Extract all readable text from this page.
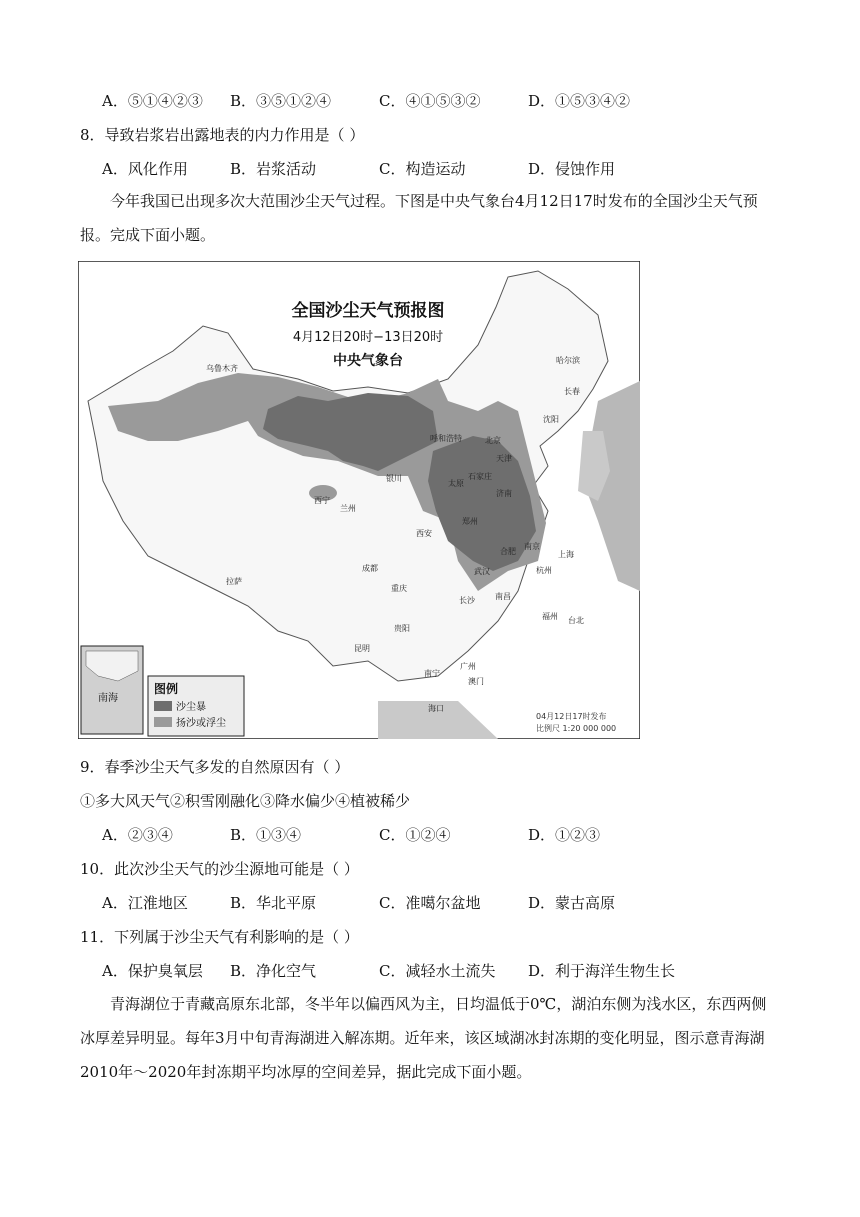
A．⑤①④②③ B．③⑤①②④	C．④①⑤③②	D．①⑤③④②
8．导致岩浆岩出露地表的内力作用是（ ）
A．风化作用	B．岩浆活动	C．构造运动	D．侵蚀作用
今年我国已出现多次大范围沙尘天气过程。下图是中央气象台4月12日17时发布的全国沙尘天气预报。完成下面小题。
全国沙尘天气预报图
4月12日20时−13日20时
中央气象台
乌鲁木齐
哈尔滨
长春
沈阳
呼和浩特	北京
天津
石家庄
太原
银川
济南
西宁
兰州
郑州
西安
合肥
南京
上海
武汉	杭州
拉萨
成都
重庆
长沙	南昌
贵阳
福州 台北
昆明
南宁
广州
澳门
海口
南海
图例
沙尘暴
扬沙或浮尘
04月12日17时发布
比例尺 1:20 000 000
9．春季沙尘天气多发的自然原因有（ ）
①多大风天气②积雪刚融化③降水偏少④植被稀少
A．②③④	B．①③④	C．①②④	D．①②③
10．此次沙尘天气的沙尘源地可能是（ ）
A．江淮地区	B．华北平原	C．准噶尔盆地	D．蒙古高原
11．下列属于沙尘天气有利影响的是（ ）
A．保护臭氧层 B．净化空气	C．减轻水土流失 D．利于海洋生物生长
青海湖位于青藏高原东北部，冬半年以偏西风为主，日均温低于0℃，湖泊东侧为浅水区，东西两侧冰厚差异明显。每年3月中旬青海湖进入解冻期。近年来，该区域湖冰封冻期的变化明显，图示意青海湖2010年～2020年封冻期平均冰厚的空间差异，据此完成下面小题。
